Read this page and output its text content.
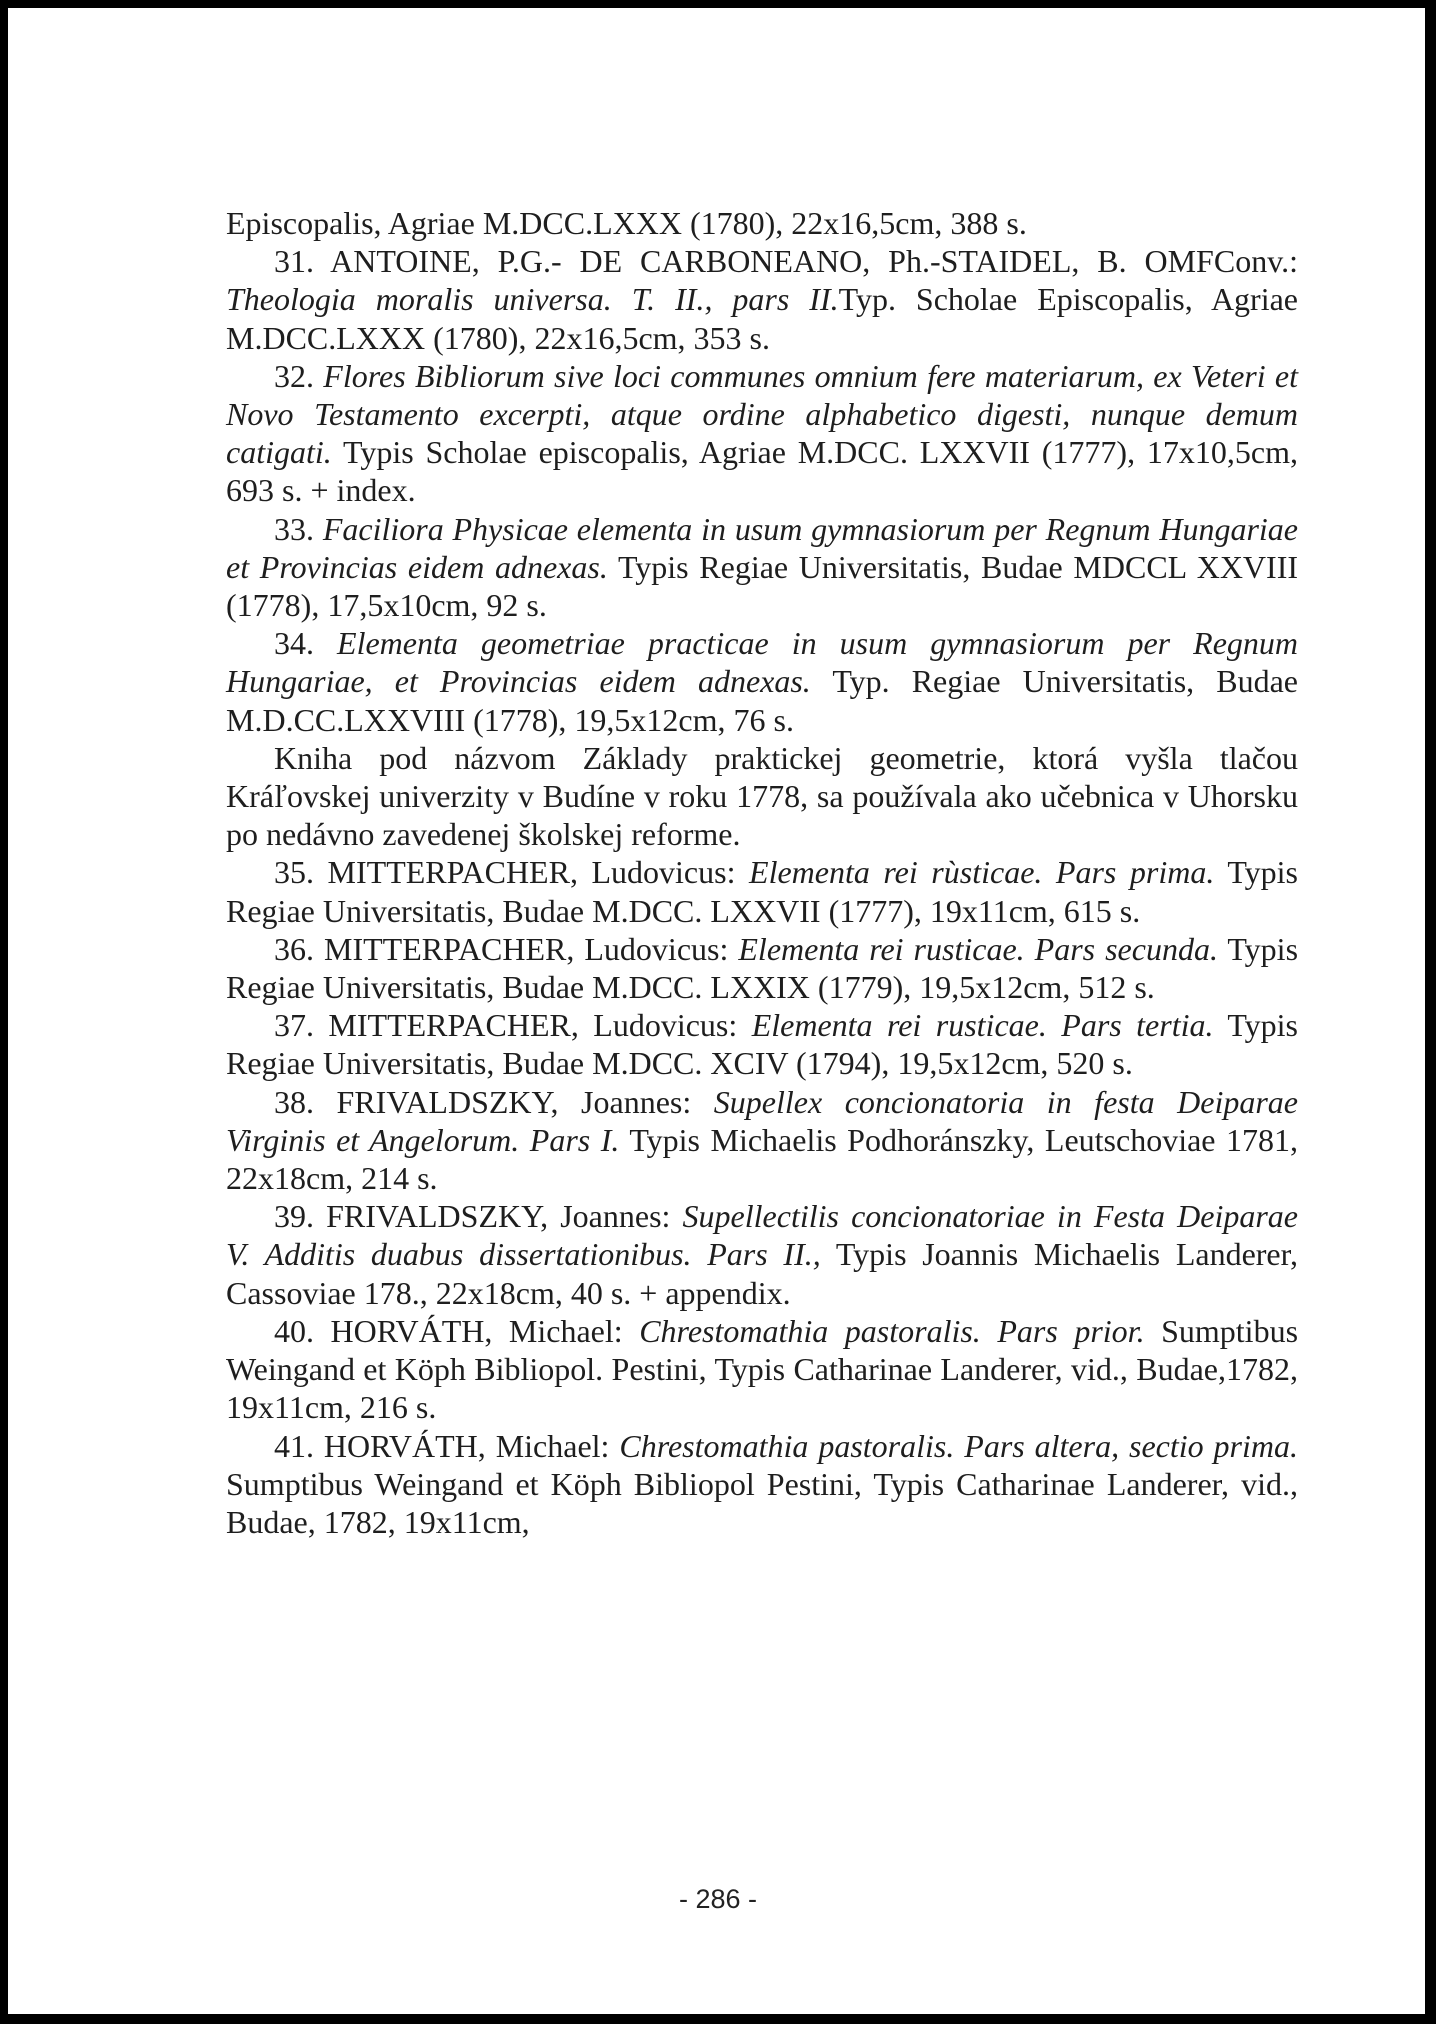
Episcopalis, Agriae M.DCC.LXXX (1780), 22x16,5cm, 388 s.

31. ANTOINE, P.G.- DE CARBONEANO, Ph.-STAIDEL, B. OMFConv.: Theologia moralis universa. T. II., pars II.Typ. Scholae Episcopalis, Agriae M.DCC.LXXX (1780), 22x16,5cm, 353 s.

32. Flores Bibliorum sive loci communes omnium fere materiarum, ex Veteri et Novo Testamento excerpti, atque ordine alphabetico digesti, nunque demum catigati. Typis Scholae episcopalis, Agriae M.DCC. LXXVII (1777), 17x10,5cm, 693 s. + index.

33. Faciliora Physicae elementa in usum gymnasiorum per Regnum Hungariae et Provincias eidem adnexas. Typis Regiae Universitatis, Budae MDCCL XXVIII (1778), 17,5x10cm, 92 s.

34. Elementa geometriae practicae in usum gymnasiorum per Regnum Hungariae, et Provincias eidem adnexas. Typ. Regiae Universitatis, Budae M.D.CC.LXXVIII (1778), 19,5x12cm, 76 s.

Kniha pod názvom Základy praktickej geometrie, ktorá vyšla tlačou Kráľovskej univerzity v Budíne v roku 1778, sa používala ako učebnica v Uhorsku po nedávno zavedenej školskej reforme.

35. MITTERPACHER, Ludovicus: Elementa rei rùsticae. Pars prima. Typis Regiae Universitatis, Budae M.DCC. LXXVII (1777), 19x11cm, 615 s.

36. MITTERPACHER, Ludovicus: Elementa rei rusticae. Pars secunda. Typis Regiae Universitatis, Budae M.DCC. LXXIX (1779), 19,5x12cm, 512 s.

37. MITTERPACHER, Ludovicus: Elementa rei rusticae. Pars tertia. Typis Regiae Universitatis, Budae M.DCC. XCIV (1794), 19,5x12cm, 520 s.

38. FRIVALDSZKY, Joannes: Supellex concionatoria in festa Deiparae Virginis et Angelorum. Pars I. Typis Michaelis Podhoránszky, Leutschoviae 1781, 22x18cm, 214 s.

39. FRIVALDSZKY, Joannes: Supellectilis concionatoriae in Festa Deiparae V. Additis duabus dissertationibus. Pars II., Typis Joannis Michaelis Landerer, Cassoviae 178., 22x18cm, 40 s. + appendix.

40. HORVÁTH, Michael: Chrestomathia pastoralis. Pars prior. Sumptibus Weingand et Köph Bibliopol. Pestini, Typis Catharinae Landerer, vid., Budae,1782, 19x11cm, 216 s.

41. HORVÁTH, Michael: Chrestomathia pastoralis. Pars altera, sectio prima. Sumptibus Weingand et Köph Bibliopol Pestini, Typis Catharinae Landerer, vid., Budae, 1782, 19x11cm,

- 286 -
